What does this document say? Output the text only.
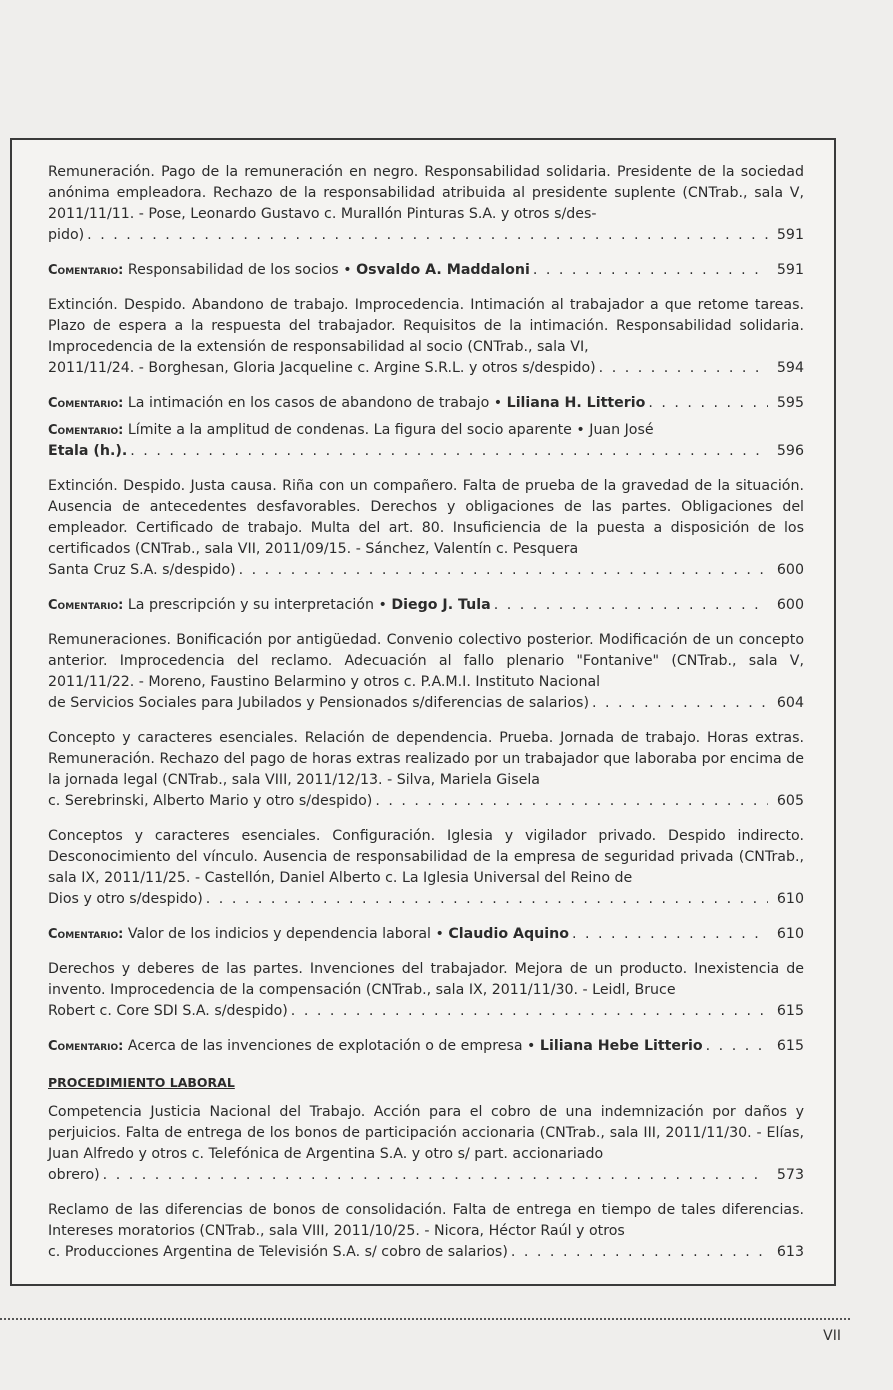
Remuneración. Pago de la remuneración en negro. Responsabilidad solidaria. Presidente de la sociedad anónima empleadora. Rechazo de la responsabilidad atribuida al presidente suplente (CNTrab., sala V, 2011/11/11. - Pose, Leonardo Gustavo c. Murallón Pinturas S.A. y otros s/des-
pido) . . .	591
Comentario: Responsabilidad de los socios • Osvaldo A. Maddaloni . . .	591
Extinción. Despido. Abandono de trabajo. Improcedencia. Intimación al trabajador a que retome tareas. Plazo de espera a la respuesta del trabajador. Requisitos de la intimación. Responsabilidad solidaria. Improcedencia de la extensión de responsabilidad al socio (CNTrab., sala VI,
2011/11/24. - Borghesan, Gloria Jacqueline c. Argine S.R.L. y otros s/despido) . . .	594
Comentario: La intimación en los casos de abandono de trabajo • Liliana H. Litterio . . .	595
Comentario: Límite a la amplitud de condenas. La figura del socio aparente • Juan José
Etala (h.). . . .	596
Extinción. Despido. Justa causa. Riña con un compañero. Falta de prueba de la gravedad de la situación. Ausencia de antecedentes desfavorables. Derechos y obligaciones de las partes. Obligaciones del empleador. Certificado de trabajo. Multa del art. 80. Insuficiencia de la puesta a disposición de los certificados (CNTrab., sala VII, 2011/09/15. - Sánchez, Valentín c. Pesquera
Santa Cruz S.A. s/despido) . . .	600
Comentario: La prescripción y su interpretación • Diego J. Tula . . .	600
Remuneraciones. Bonificación por antigüedad. Convenio colectivo posterior. Modificación de un concepto anterior. Improcedencia del reclamo. Adecuación al fallo plenario "Fontanive" (CNTrab., sala V, 2011/11/22. - Moreno, Faustino Belarmino y otros c. P.A.M.I. Instituto Nacional
de Servicios Sociales para Jubilados y Pensionados s/diferencias de salarios) . . .	604
Concepto y caracteres esenciales. Relación de dependencia. Prueba. Jornada de trabajo. Horas extras. Remuneración. Rechazo del pago de horas extras realizado por un trabajador que laboraba por encima de la jornada legal (CNTrab., sala VIII, 2011/12/13. - Silva, Mariela Gisela
c. Serebrinski, Alberto Mario y otro s/despido) . . .	605
Conceptos y caracteres esenciales. Configuración. Iglesia y vigilador privado. Despido indirecto. Desconocimiento del vínculo. Ausencia de responsabilidad de la empresa de seguridad privada (CNTrab., sala IX, 2011/11/25. - Castellón, Daniel Alberto c. La Iglesia Universal del Reino de
Dios y otro s/despido) . . .	610
Comentario: Valor de los indicios y dependencia laboral • Claudio Aquino . . .	610
Derechos y deberes de las partes. Invenciones del trabajador. Mejora de un producto. Inexistencia de invento. Improcedencia de la compensación (CNTrab., sala IX, 2011/11/30. - Leidl, Bruce
Robert c. Core SDI S.A. s/despido) . . .	615
Comentario: Acerca de las invenciones de explotación o de empresa • Liliana Hebe Litterio . . .	615
PROCEDIMIENTO LABORAL
Competencia Justicia Nacional del Trabajo. Acción para el cobro de una indemnización por daños y perjuicios. Falta de entrega de los bonos de participación accionaria (CNTrab., sala III, 2011/11/30. - Elías, Juan Alfredo y otros c. Telefónica de Argentina S.A. y otro s/ part. accionariado
obrero) . . .	573
Reclamo de las diferencias de bonos de consolidación. Falta de entrega en tiempo de tales diferencias. Intereses moratorios (CNTrab., sala VIII, 2011/10/25. - Nicora, Héctor Raúl y otros
c. Producciones Argentina de Televisión S.A. s/ cobro de salarios) . . .	613
VII
